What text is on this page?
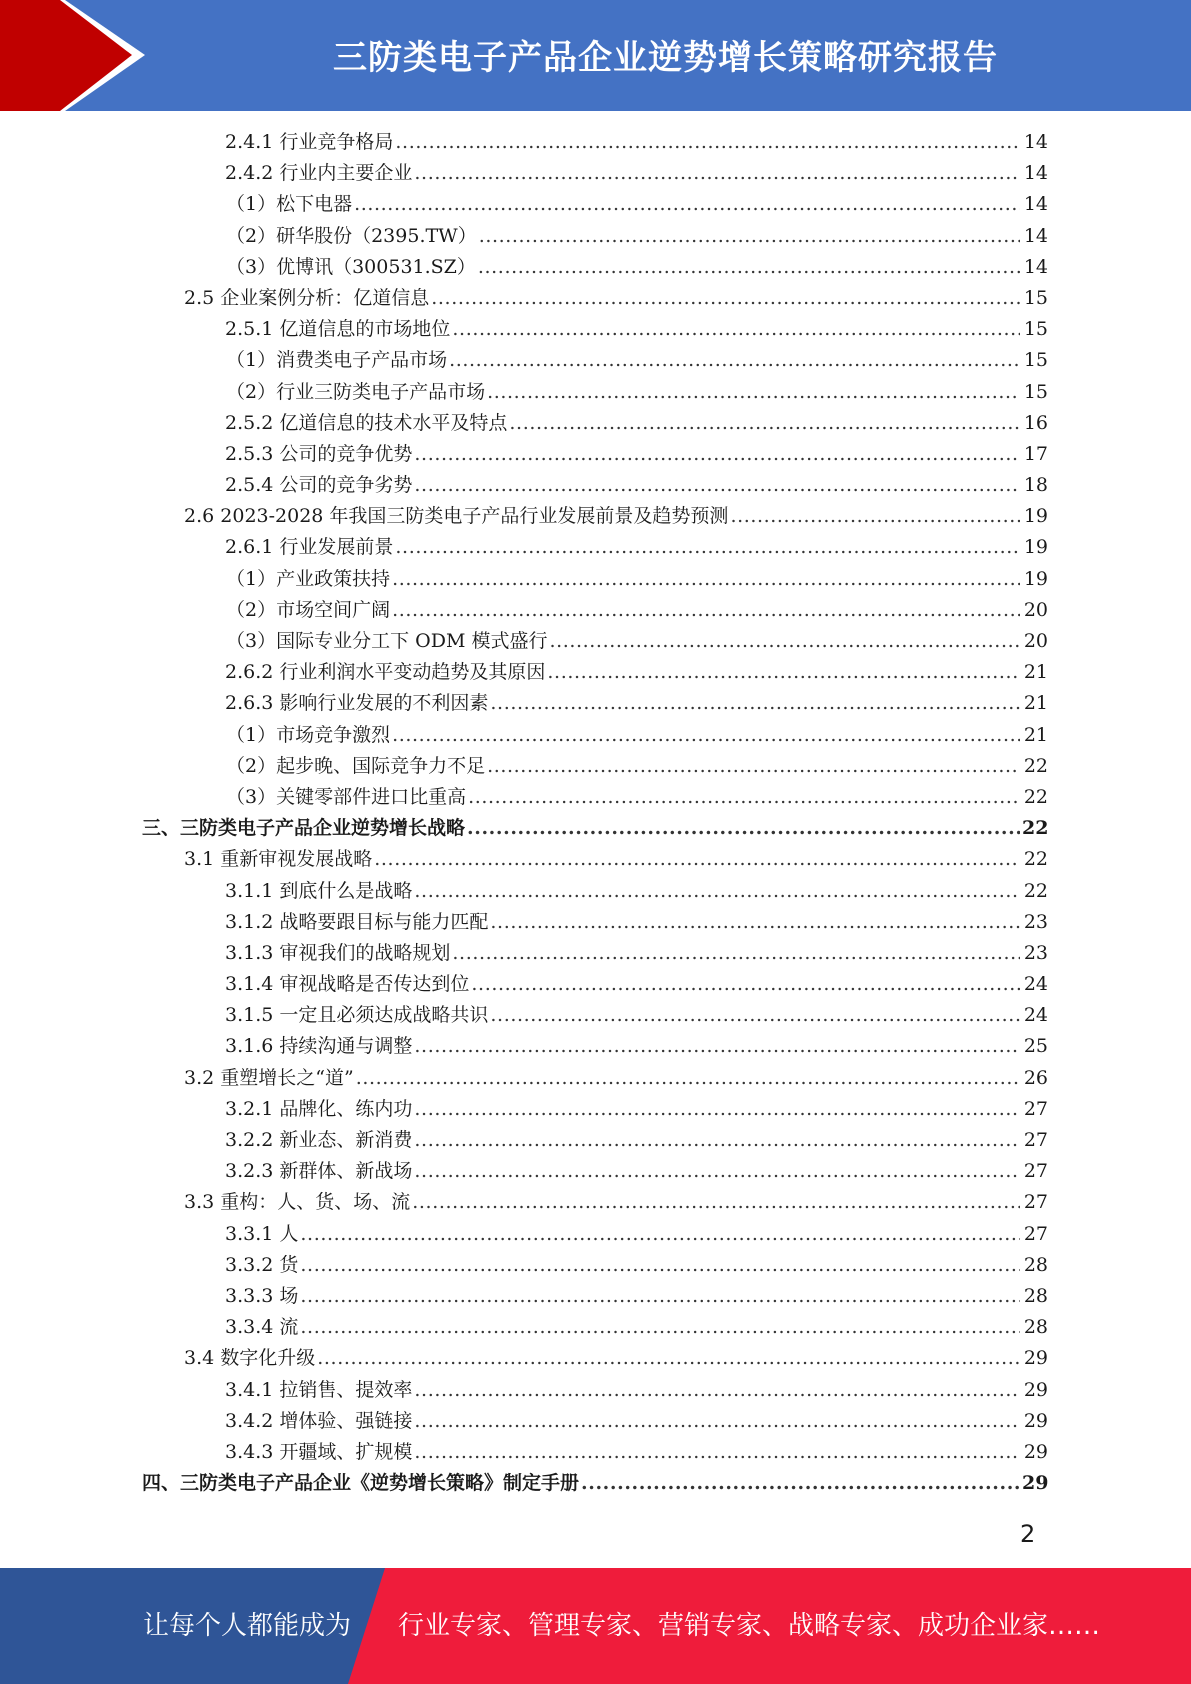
三防类电子产品企业逆势增长策略研究报告
2.4.1 行业竞争格局 .....	14
2.4.2 行业内主要企业 .....	14
（1）松下电器 .....	14
（2）研华股份（2395.TW） .....	14
（3）优博讯（300531.SZ） .....	14
2.5 企业案例分析：亿道信息 .....	15
2.5.1 亿道信息的市场地位 .....	15
（1）消费类电子产品市场 .....	15
（2）行业三防类电子产品市场 .....	15
2.5.2 亿道信息的技术水平及特点 .....	16
2.5.3 公司的竞争优势 .....	17
2.5.4 公司的竞争劣势 .....	18
2.6 2023-2028 年我国三防类电子产品行业发展前景及趋势预测 .....	19
2.6.1 行业发展前景 .....	19
（1）产业政策扶持 .....	19
（2）市场空间广阔 .....	20
（3）国际专业分工下 ODM 模式盛行 .....	20
2.6.2 行业利润水平变动趋势及其原因 .....	21
2.6.3 影响行业发展的不利因素 .....	21
（1）市场竞争激烈 .....	21
（2）起步晚、国际竞争力不足 .....	22
（3）关键零部件进口比重高 .....	22
三、三防类电子产品企业逆势增长战略 .....	22
3.1 重新审视发展战略 .....	22
3.1.1 到底什么是战略 .....	22
3.1.2 战略要跟目标与能力匹配 .....	23
3.1.3 审视我们的战略规划 .....	23
3.1.4 审视战略是否传达到位 .....	24
3.1.5 一定且必须达成战略共识 .....	24
3.1.6 持续沟通与调整 .....	25
3.2 重塑增长之“道” .....	26
3.2.1 品牌化、练内功 .....	27
3.2.2 新业态、新消费 .....	27
3.2.3 新群体、新战场 .....	27
3.3 重构：人、货、场、流 .....	27
3.3.1 人 .....	27
3.3.2 货 .....	28
3.3.3 场 .....	28
3.3.4 流 .....	28
3.4 数字化升级 .....	29
3.4.1 拉销售、提效率 .....	29
3.4.2 增体验、强链接 .....	29
3.4.3 开疆域、扩规模 .....	29
四、三防类电子产品企业《逆势增长策略》制定手册 .....	29
2
让每个人都能成为 行业专家、管理专家、营销专家、战略专家、成功企业家……
